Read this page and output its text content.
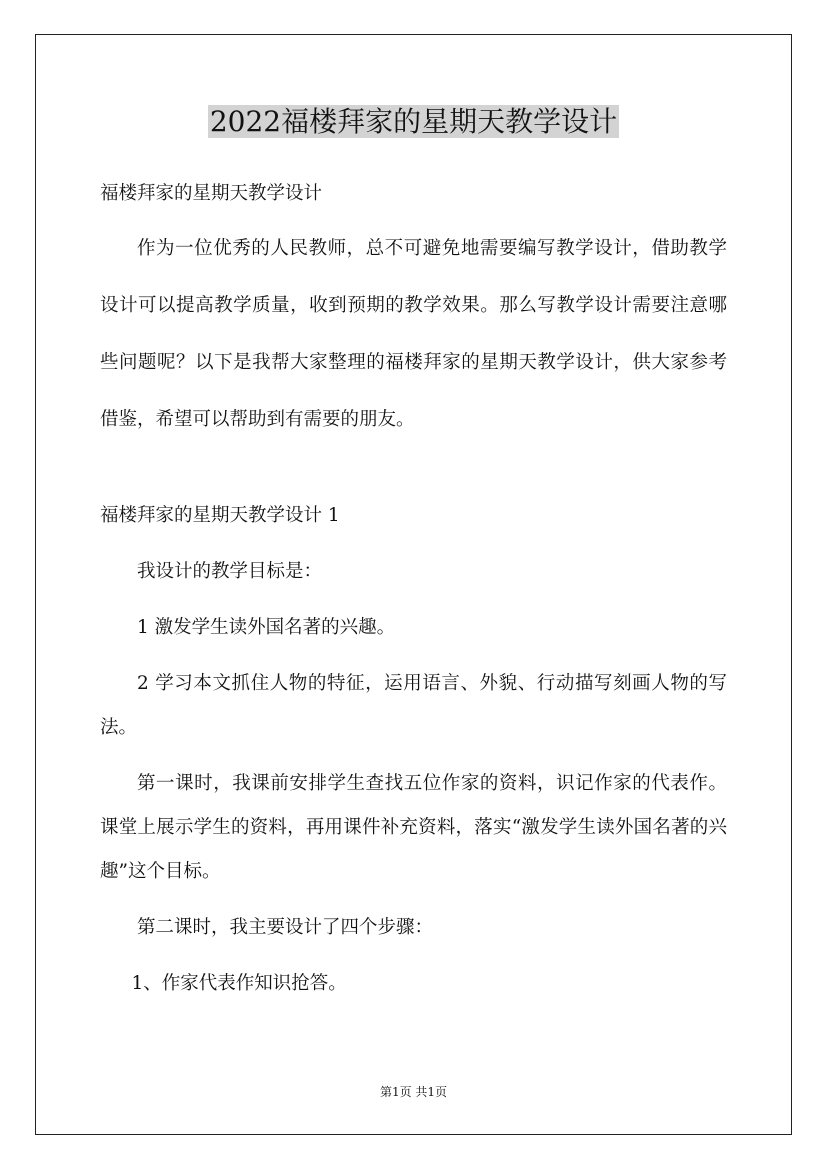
2022福楼拜家的星期天教学设计

福楼拜家的星期天教学设计

作为一位优秀的人民教师，总不可避免地需要编写教学设计，借助教学设计可以提高教学质量，收到预期的教学效果。那么写教学设计需要注意哪些问题呢？以下是我帮大家整理的福楼拜家的星期天教学设计，供大家参考借鉴，希望可以帮助到有需要的朋友。

福楼拜家的星期天教学设计 1

我设计的教学目标是：

1 激发学生读外国名著的兴趣。

2 学习本文抓住人物的特征，运用语言、外貌、行动描写刻画人物的写法。

第一课时，我课前安排学生查找五位作家的资料，识记作家的代表作。课堂上展示学生的资料，再用课件补充资料，落实“激发学生读外国名著的兴趣”这个目标。

第二课时，我主要设计了四个步骤：

1、作家代表作知识抢答。

第1页 共1页
